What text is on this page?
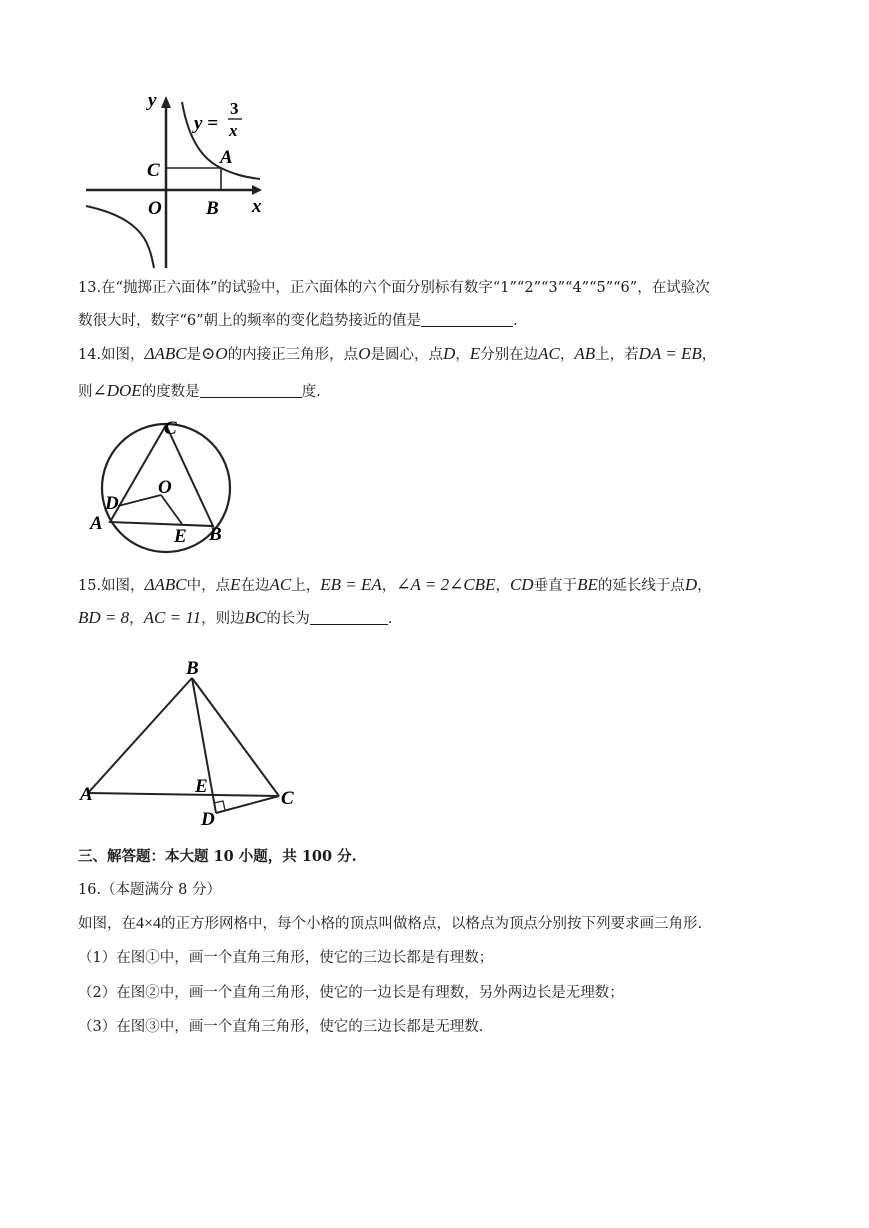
y
x
y =
3
x
C
A
O B
13.在“抛掷正六面体”的试验中，正六面体的六个面分别标有数字“1”“2”“3”“4”“5”“6”，在试验次
数很大时，数字“6”朝上的频率的变化趋势接近的值是	.
14.如图，ΔABC是⊙O的内接正三角形，点O是圆心，点D，E分别在边AC，AB上，若DA = EB，
则∠DOE的度数是	度.
C
O
D
A
E B
15.如图，ΔABC中，点E在边AC上，EB = EA，∠A = 2∠CBE，CD垂直于BE的延长线于点D，
BD = 8，AC = 11，则边BC的长为	.
B
A	E
C
D
三、解答题：本大题 10 小题，共 100 分.
16.（本题满分 8 分）
如图，在4×4的正方形网格中，每个小格的顶点叫做格点，以格点为顶点分别按下列要求画三角形.
（1）在图①中，画一个直角三角形，使它的三边长都是有理数；
（2）在图②中，画一个直角三角形，使它的一边长是有理数，另外两边长是无理数；
（3）在图③中，画一个直角三角形，使它的三边长都是无理数.
